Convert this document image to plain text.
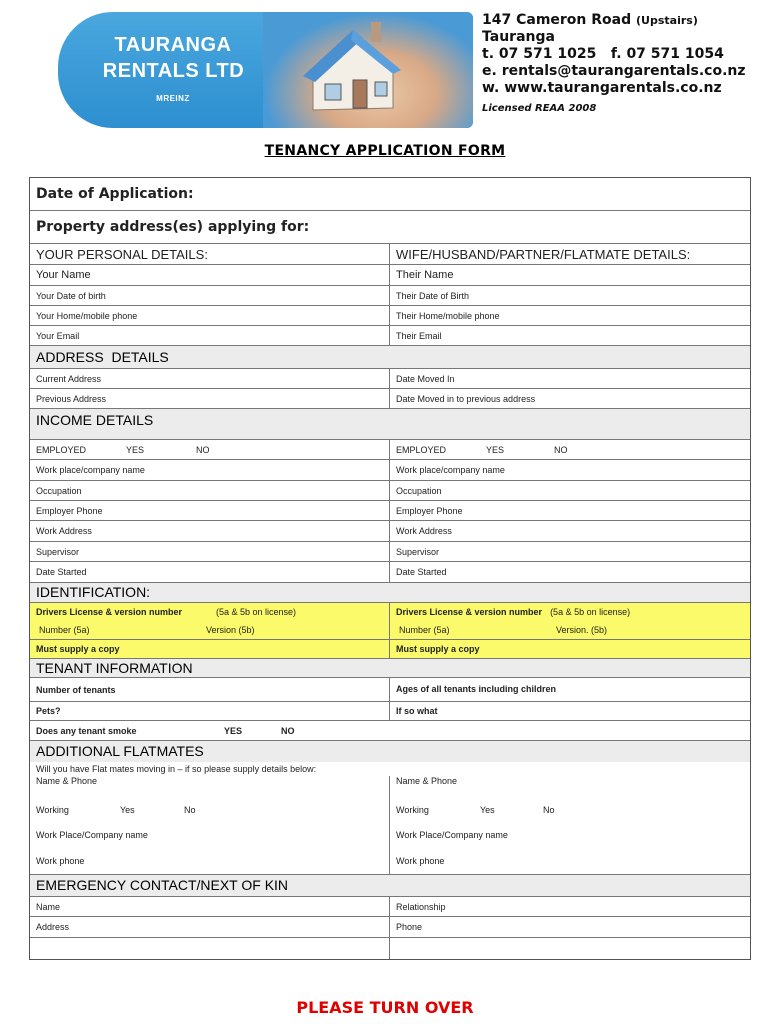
TAURANGA
RENTALS LTD
MREINZ
147 Cameron Road (Upstairs)
Tauranga
t. 07 571 1025   f. 07 571 1054
e. rentals@taurangarentals.co.nz
w. www.taurangarentals.co.nz
Licensed REAA 2008
TENANCY APPLICATION FORM
Date of Application:
Property address(es) applying for:
YOUR PERSONAL DETAILS:	WIFE/HUSBAND/PARTNER/FLATMATE DETAILS:
Your Name	Their Name
Your Date of birth	Their Date of Birth
Your Home/mobile phone	Their Home/mobile phone
Your Email	Their Email
ADDRESS  DETAILS
Current Address	Date Moved In
Previous Address	Date Moved in to previous address
INCOME DETAILS
EMPLOYED	YES	NO	EMPLOYED	YES	NO
Work place/company name	Work place/company name
Occupation	Occupation
Employer Phone	Employer Phone
Work Address	Work Address
Supervisor	Supervisor
Date Started	Date Started
IDENTIFICATION:
Drivers License & version number	(5a & 5b on license)	Drivers License & version number (5a & 5b on license)
Number (5a)	Version (5b)	Number (5a)	Version. (5b)
Must supply a copy	Must supply a copy
TENANT INFORMATION
Number of tenants	Ages of all tenants including children
Pets?	If so what
Does any tenant smoke	YES	NO
ADDITIONAL FLATMATES
Will you have Flat mates moving in – if so please supply details below:
Name & Phone	Name & Phone
Working	Yes	No	Working	Yes	No
Work Place/Company name	Work Place/Company name
Work phone	Work phone
EMERGENCY CONTACT/NEXT OF KIN
Name	Relationship
Address	Phone
PLEASE TURN OVER
